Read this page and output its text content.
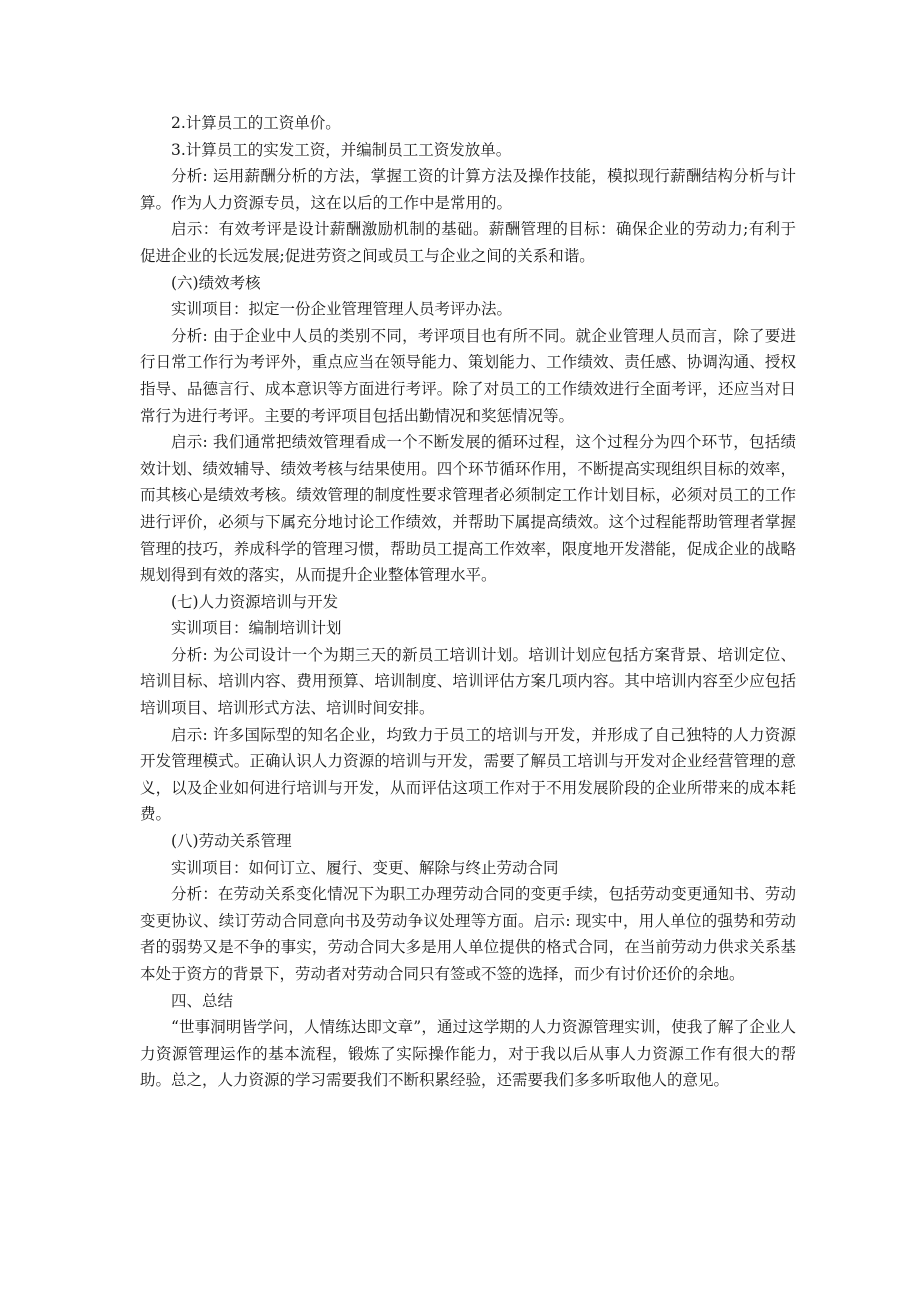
2.计算员工的工资单价。

3.计算员工的实发工资，并编制员工工资发放单。

分析: 运用薪酬分析的方法，掌握工资的计算方法及操作技能，模拟现行薪酬结构分析与计算。作为人力资源专员，这在以后的工作中是常用的。

启示：有效考评是设计薪酬激励机制的基础。薪酬管理的目标：确保企业的劳动力;有利于促进企业的长远发展;促进劳资之间或员工与企业之间的关系和谐。

(六)绩效考核

实训项目：拟定一份企业管理管理人员考评办法。

分析: 由于企业中人员的类别不同，考评项目也有所不同。就企业管理人员而言，除了要进行日常工作行为考评外，重点应当在领导能力、策划能力、工作绩效、责任感、协调沟通、授权指导、品德言行、成本意识等方面进行考评。除了对员工的工作绩效进行全面考评，还应当对日常行为进行考评。主要的考评项目包括出勤情况和奖惩情况等。

启示: 我们通常把绩效管理看成一个不断发展的循环过程，这个过程分为四个环节，包括绩效计划、绩效辅导、绩效考核与结果使用。四个环节循环作用，不断提高实现组织目标的效率，而其核心是绩效考核。绩效管理的制度性要求管理者必须制定工作计划目标，必须对员工的工作进行评价，必须与下属充分地讨论工作绩效，并帮助下属提高绩效。这个过程能帮助管理者掌握管理的技巧，养成科学的管理习惯，帮助员工提高工作效率，限度地开发潜能，促成企业的战略规划得到有效的落实，从而提升企业整体管理水平。

(七)人力资源培训与开发

实训项目：编制培训计划

分析: 为公司设计一个为期三天的新员工培训计划。培训计划应包括方案背景、培训定位、培训目标、培训内容、费用预算、培训制度、培训评估方案几项内容。其中培训内容至少应包括培训项目、培训形式方法、培训时间安排。

启示: 许多国际型的知名企业，均致力于员工的培训与开发，并形成了自己独特的人力资源开发管理模式。正确认识人力资源的培训与开发，需要了解员工培训与开发对企业经营管理的意义，以及企业如何进行培训与开发，从而评估这项工作对于不用发展阶段的企业所带来的成本耗费。

(八)劳动关系管理

实训项目：如何订立、履行、变更、解除与终止劳动合同

分析：在劳动关系变化情况下为职工办理劳动合同的变更手续，包括劳动变更通知书、劳动变更协议、续订劳动合同意向书及劳动争议处理等方面。启示: 现实中，用人单位的强势和劳动者的弱势又是不争的事实，劳动合同大多是用人单位提供的格式合同，在当前劳动力供求关系基本处于资方的背景下，劳动者对劳动合同只有签或不签的选择，而少有讨价还价的余地。

四、总结

“世事洞明皆学问，人情练达即文章”，通过这学期的人力资源管理实训，使我了解了企业人力资源管理运作的基本流程，锻炼了实际操作能力，对于我以后从事人力资源工作有很大的帮助。总之，人力资源的学习需要我们不断积累经验，还需要我们多多听取他人的意见。
